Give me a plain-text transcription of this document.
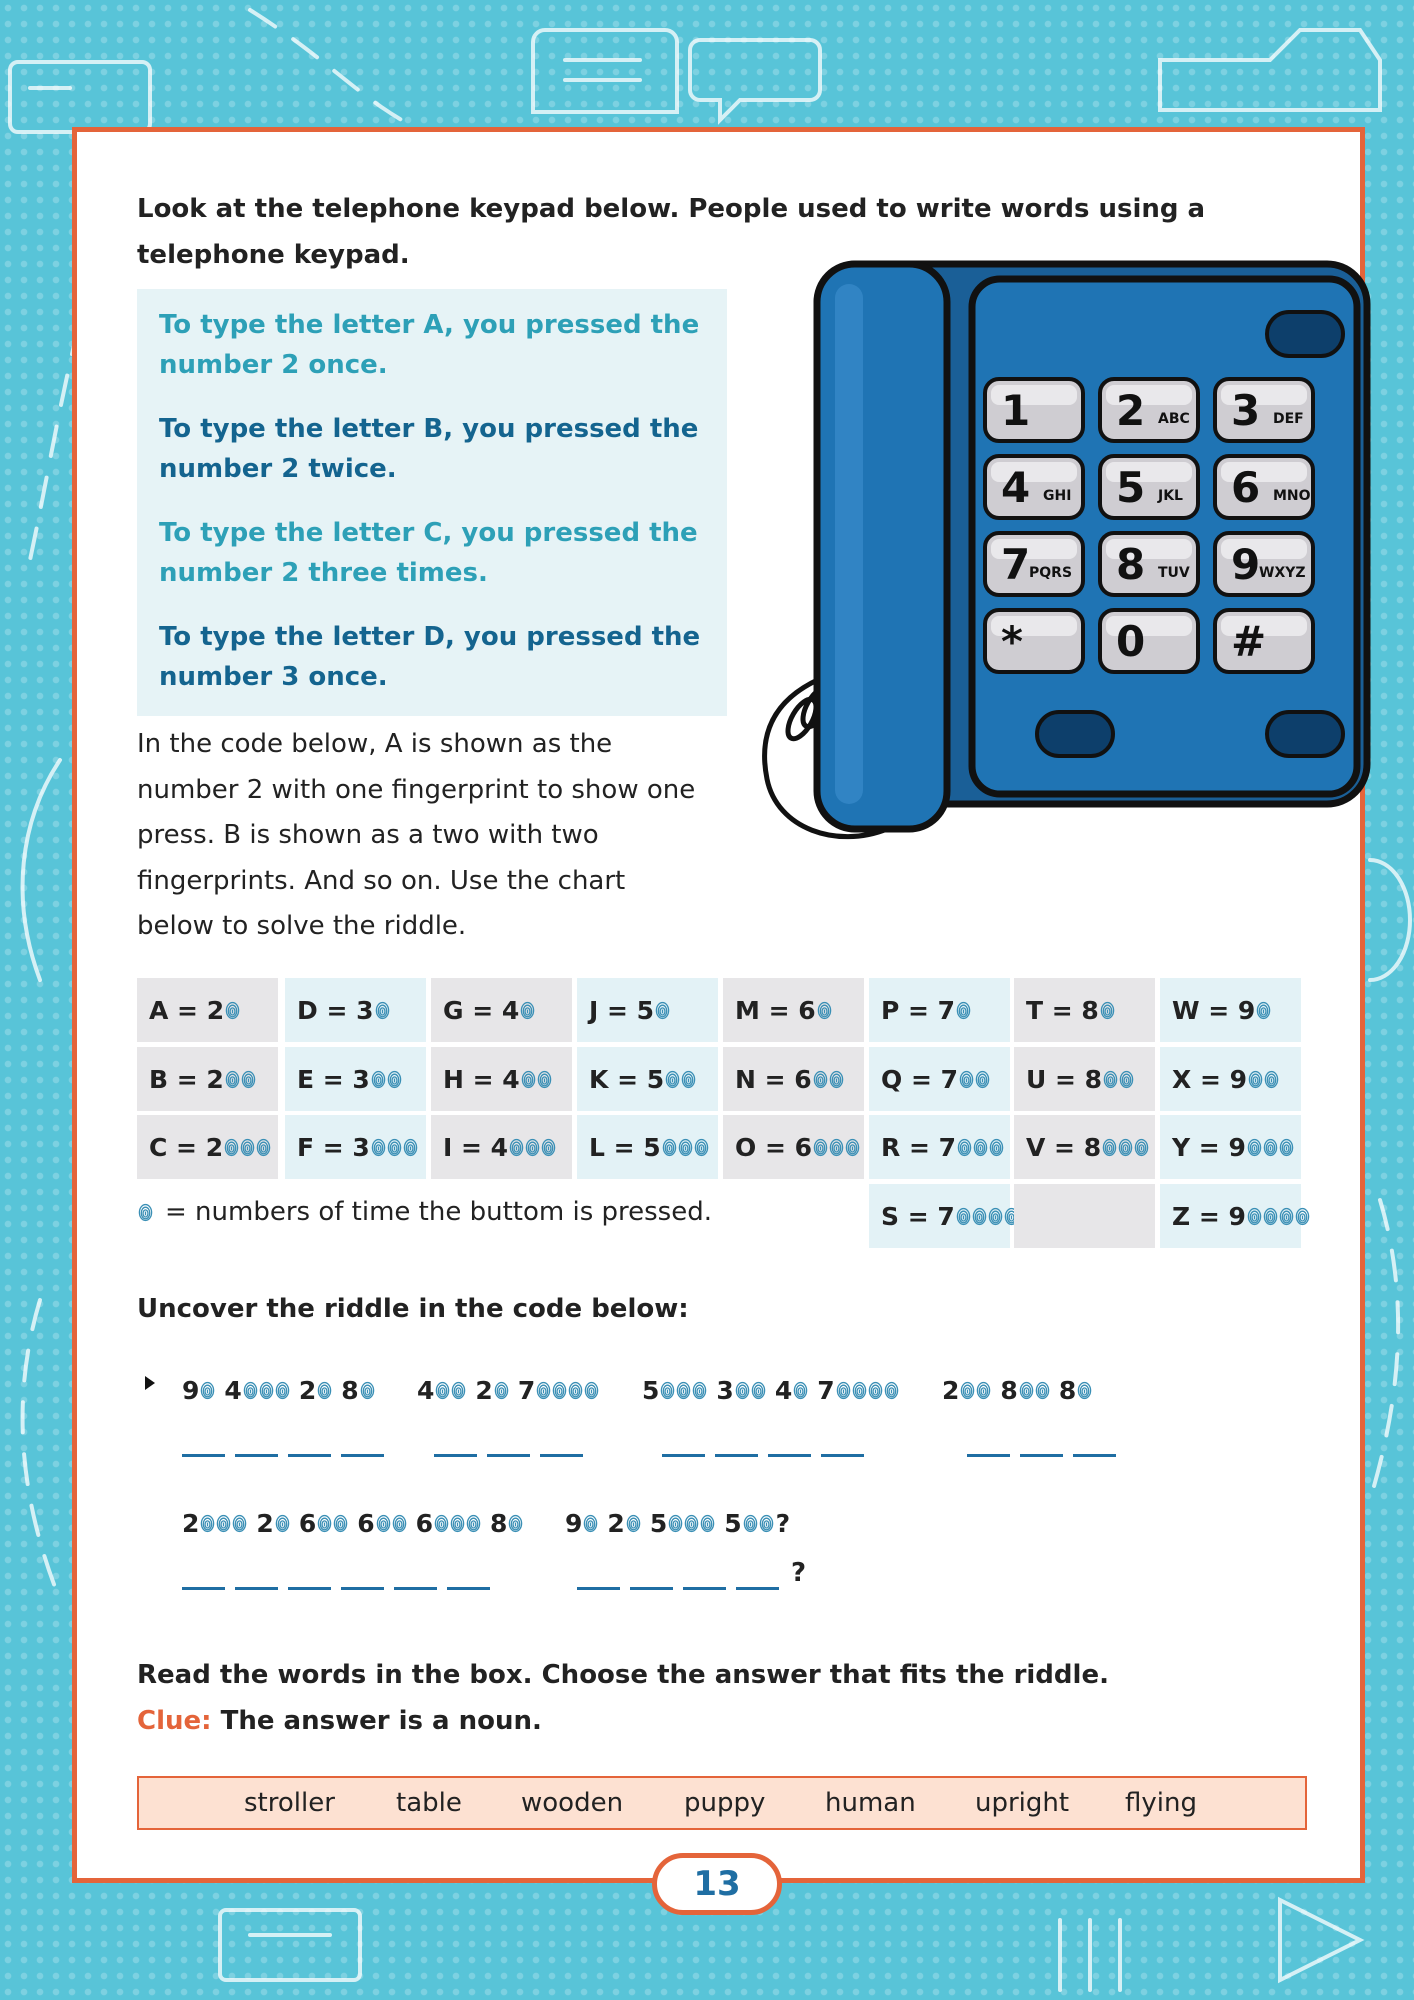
Look at the telephone keypad below. People used to write words using a telephone keypad.
To type the letter A, you pressed the number 2 once.
To type the letter B, you pressed the number 2 twice.
To type the letter C, you pressed the number 2 three times.
To type the letter D, you pressed the number 3 once.
1 2 ABC 3 DEF
4 GHI 5 JKL 6 MNO
7
PQRS 8 TUV 9
WXYZ
* 0 #
In the code below, A is shown as the number 2 with one fingerprint to show one press. B is shown as a two with two fingerprints. And so on. Use the chart below to solve the riddle.
A = 2
B = 2
C = 2
D = 3
E = 3
F = 3
G = 4
H = 4
I = 4
J = 5
K = 5
L = 5
M = 6
N = 6
O = 6
P = 7
Q = 7
R = 7
S = 7
T = 8
U = 8
V = 8
W = 9
X = 9
Y = 9
Z = 9
= numbers of time the buttom is pressed.
Uncover the riddle in the code below:
9 4 2 8 4 2 7	5 3 4 7	2 8 8
2 2 6 6 6 8 9 2 5 5 ?
?
Read the words in the box. Choose the answer that fits the riddle.
Clue: The answer is a noun.
stroller table wooden puppy human upright flying
13
